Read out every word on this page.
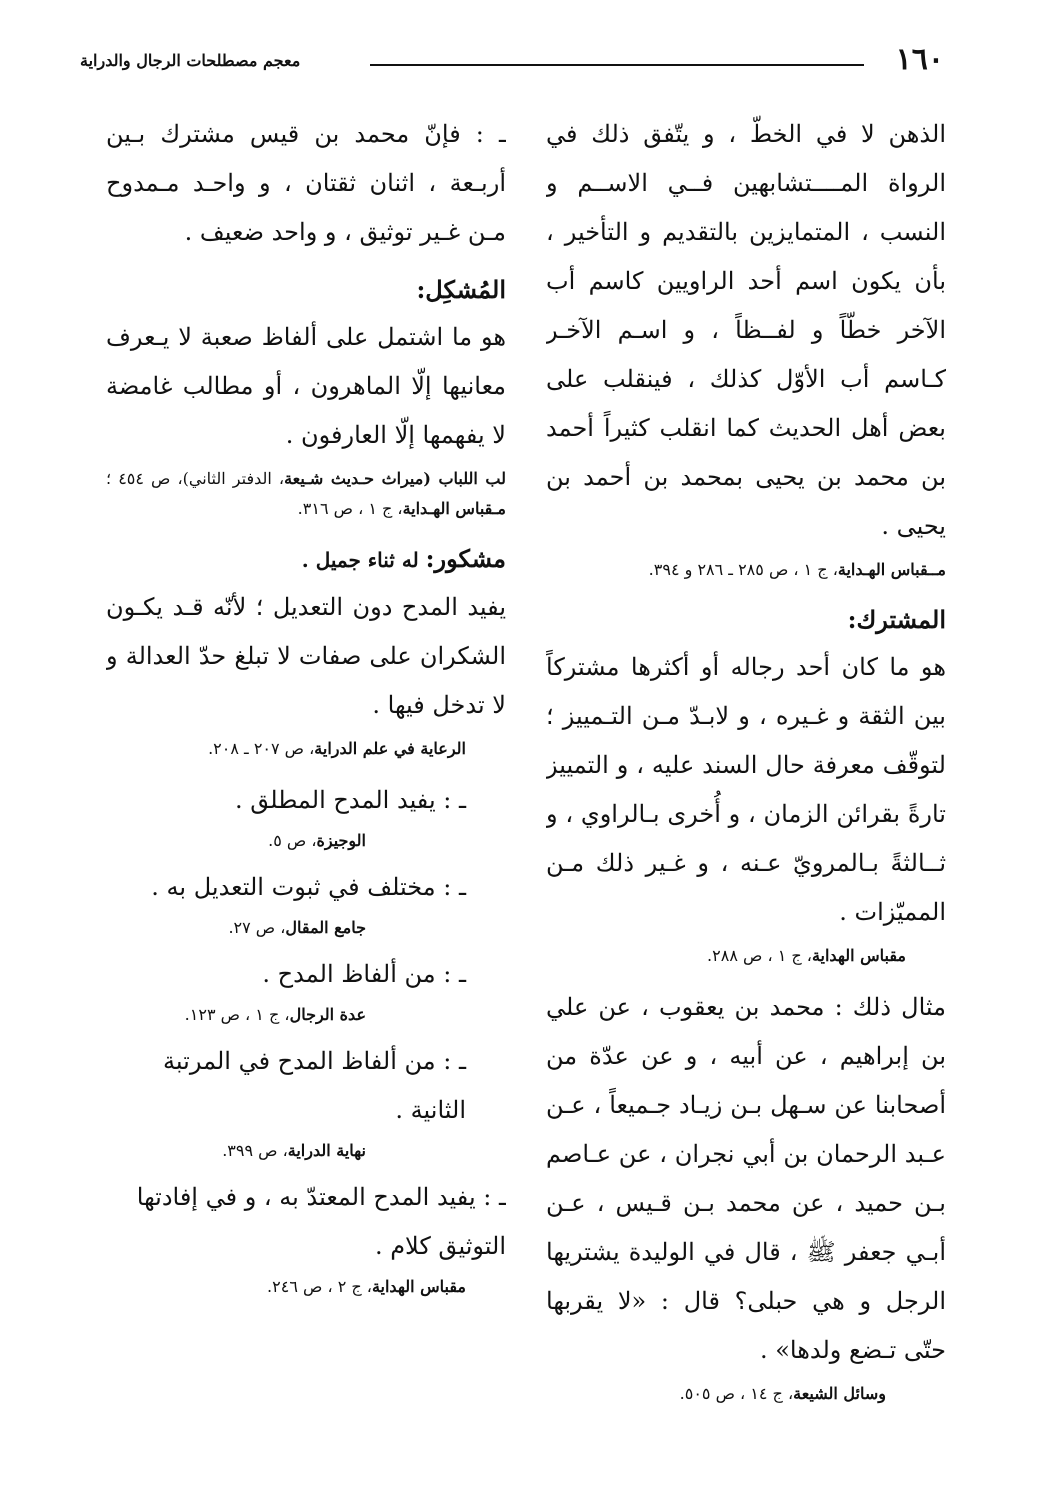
١٦٠
معجم مصطلحات الرجال والدراية

الذهن لا في الخطّ ، و يتّفق ذلك في الرواة المــــتشابهين فــي الاســم و النسب ، المتمايزين بالتقديم و التأخير ، بأن يكون اسم أحد الراويين كاسم أب الآخر خطّاً و لفــظاً ، و اسـم الآخـر كـاسم أب الأوّل كذلك ، فينقلب على بعض أهل الحديث كما انقلب كثيراً أحمد بن محمد بن يحيى بمحمد بن أحمد بن يحيى .

مــقباس الهـداية، ج ١ ، ص ٢٨٥ ـ ٢٨٦ و ٣٩٤.

المشترك:

هو ما كان أحد رجاله أو أكثرها مشتركاً بين الثقة و غـيره ، و لابـدّ مـن التـمييز ؛ لتوقّف معرفة حال السند عليه ، و التمييز تارةً بقرائن الزمان ، و أُخرى بـالراوي ، و ثــالثةً بـالمرويّ عـنه ، و غـير ذلك مـن المميّزات .

مقباس الهداية، ج ١ ، ص ٢٨٨.

مثال ذلك : محمد بن يعقوب ، عن علي بن إبراهيم ، عن أبيه ، و عن عدّة من أصحابنا عن سـهل بـن زيـاد جـميعاً ، عـن عـبد الرحمان بن أبي نجران ، عن عـاصم بـن حميد ، عن محمد بـن قـيس ، عـن أبـي جعفر ﷺ ، قال في الوليدة يشتريها الرجل و هي حبلى؟ قال : «لا يقربها حتّى تـضع ولدها» .

وسائل الشيعة، ج ١٤ ، ص ٥٠٥.

ـ : فإنّ محمد بن قيس مشترك بـين أربـعة ، اثنان ثقتان ، و واحـد مـمدوح مـن غـير توثيق ، و واحد ضعيف .

المُشكِل:

هو ما اشتمل على ألفاظ صعبة لا يـعرف معانيها إلّا الماهرون ، أو مطالب غامضة لا يفهمها إلّا العارفون .

لب اللباب (ميراث حـديث شـيعة، الدفتر الثاني)، ص ٤٥٤ ؛ مـقباس الهـداية، ج ١ ، ص ٣١٦.

مشكور: له ثناء جميل .

يفيد المدح دون التعديل ؛ لأنّه قـد يكـون الشكران على صفات لا تبلغ حدّ العدالة و لا تدخل فيها .

الرعاية في علم الدراية، ص ٢٠٧ ـ ٢٠٨.

ـ : يفيد المدح المطلق .

الوجيزة، ص ٥.

ـ : مختلف في ثبوت التعديل به .

جامع المقال، ص ٢٧.

ـ : من ألفاظ المدح .

عدة الرجال، ج ١ ، ص ١٢٣.

ـ : من ألفاظ المدح في المرتبة الثانية .

نهاية الدراية، ص ٣٩٩.

ـ : يفيد المدح المعتدّ به ، و في إفادتها التوثيق كلام .

مقباس الهداية، ج ٢ ، ص ٢٤٦.
